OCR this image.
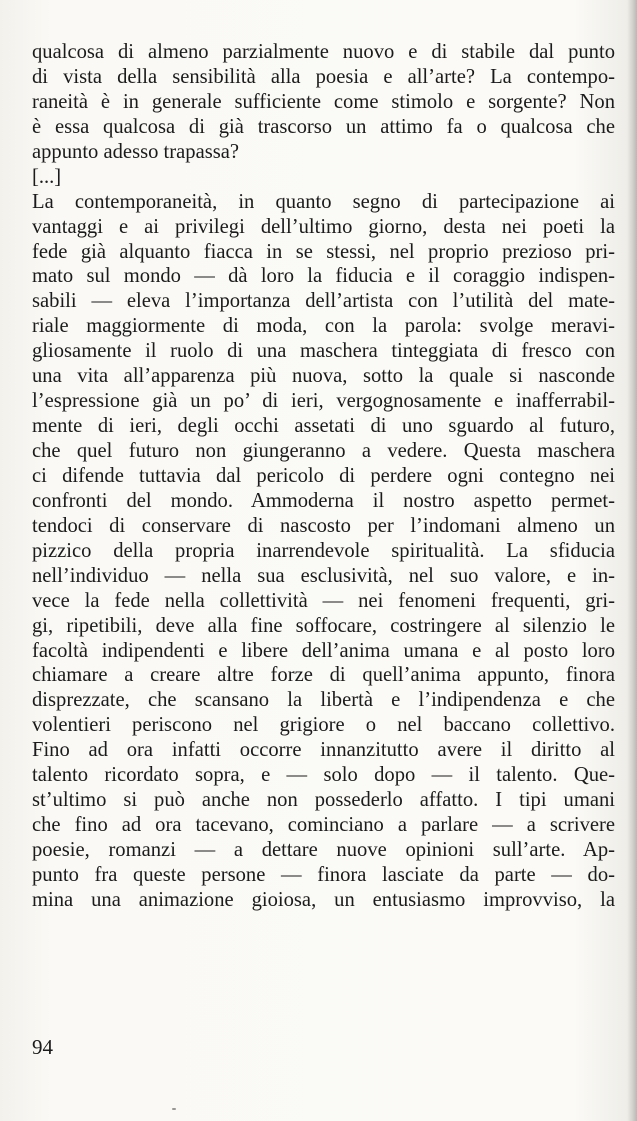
qualcosa di almeno parzialmente nuovo e di stabile dal punto
di vista della sensibilità alla poesia e all’arte? La contempo-
raneità è in generale sufficiente come stimolo e sorgente? Non
è essa qualcosa di già trascorso un attimo fa o qualcosa che
appunto adesso trapassa?
[...]
La contemporaneità, in quanto segno di partecipazione ai
vantaggi e ai privilegi dell’ultimo giorno, desta nei poeti la
fede già alquanto fiacca in se stessi, nel proprio prezioso pri-
mato sul mondo — dà loro la fiducia e il coraggio indispen-
sabili — eleva l’importanza dell’artista con l’utilità del mate-
riale maggiormente di moda, con la parola: svolge meravi-
gliosamente il ruolo di una maschera tinteggiata di fresco con
una vita all’apparenza più nuova, sotto la quale si nasconde
l’espressione già un po’ di ieri, vergognosamente e inafferrabil-
mente di ieri, degli occhi assetati di uno sguardo al futuro,
che quel futuro non giungeranno a vedere. Questa maschera
ci difende tuttavia dal pericolo di perdere ogni contegno nei
confronti del mondo. Ammoderna il nostro aspetto permet-
tendoci di conservare di nascosto per l’indomani almeno un
pizzico della propria inarrendevole spiritualità. La sfiducia
nell’individuo — nella sua esclusività, nel suo valore, e in-
vece la fede nella collettività — nei fenomeni frequenti, gri-
gi, ripetibili, deve alla fine soffocare, costringere al silenzio le
facoltà indipendenti e libere dell’anima umana e al posto loro
chiamare a creare altre forze di quell’anima appunto, finora
disprezzate, che scansano la libertà e l’indipendenza e che
volentieri periscono nel grigiore o nel baccano collettivo.
Fino ad ora infatti occorre innanzitutto avere il diritto al
talento ricordato sopra, e — solo dopo — il talento. Que-
st’ultimo si può anche non possederlo affatto. I tipi umani
che fino ad ora tacevano, cominciano a parlare — a scrivere
poesie, romanzi — a dettare nuove opinioni sull’arte. Ap-
punto fra queste persone — finora lasciate da parte — do-
mina una animazione gioiosa, un entusiasmo improvviso, la
94
